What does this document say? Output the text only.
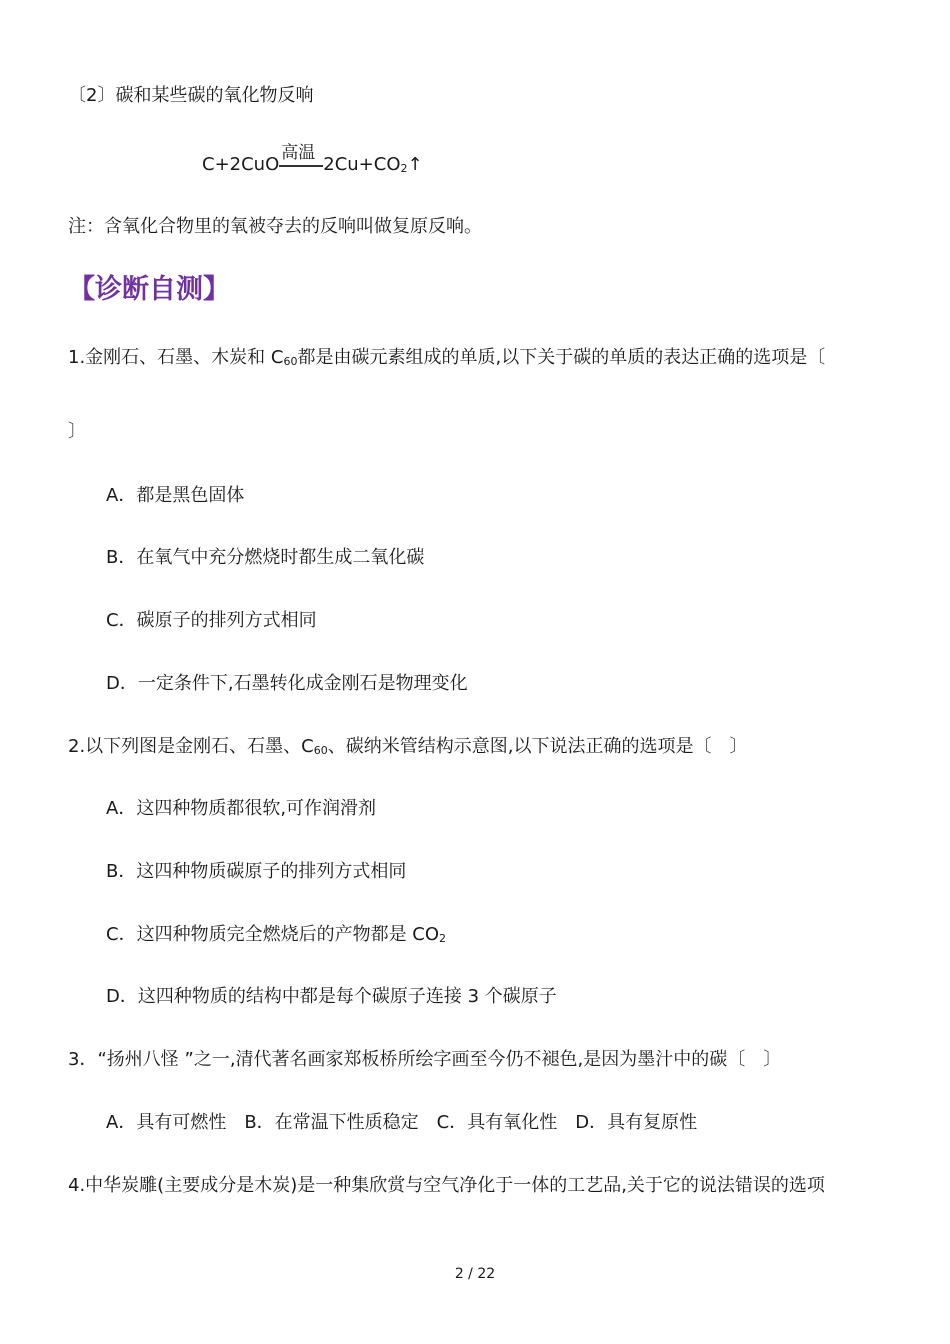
〔2〕碳和某些碳的氧化物反响
C+2CuO
高温
$2Cu+CO_2↑$
注：含氧化合物里的氧被夺去的反响叫做复原反响。
【诊断自测】
1.金刚石、石墨、木炭和 $C_{60}$都是由碳元素组成的单质,以下关于碳的单质的表达正确的选项是〔
〕
A．都是黑色固体
B．在氧气中充分燃烧时都生成二氧化碳
C．碳原子的排列方式相同
D．一定条件下,石墨转化成金刚石是物理变化
2.以下列图是金刚石、石墨、$C_{60}$、碳纳米管结构示意图,以下说法正确的选项是〔　〕
A．这四种物质都很软,可作润滑剂
B．这四种物质碳原子的排列方式相同
C．这四种物质完全燃烧后的产物都是 $CO_2$
D．这四种物质的结构中都是每个碳原子连接 3 个碳原子
3．“扬州八怪 ”之一,清代著名画家郑板桥所绘字画至今仍不褪色,是因为墨汁中的碳〔　〕
A．具有可燃性　B．在常温下性质稳定　C．具有氧化性　D．具有复原性
4.中华炭雕(主要成分是木炭)是一种集欣赏与空气净化于一体的工艺品,关于它的说法错误的选项
2 / 22
